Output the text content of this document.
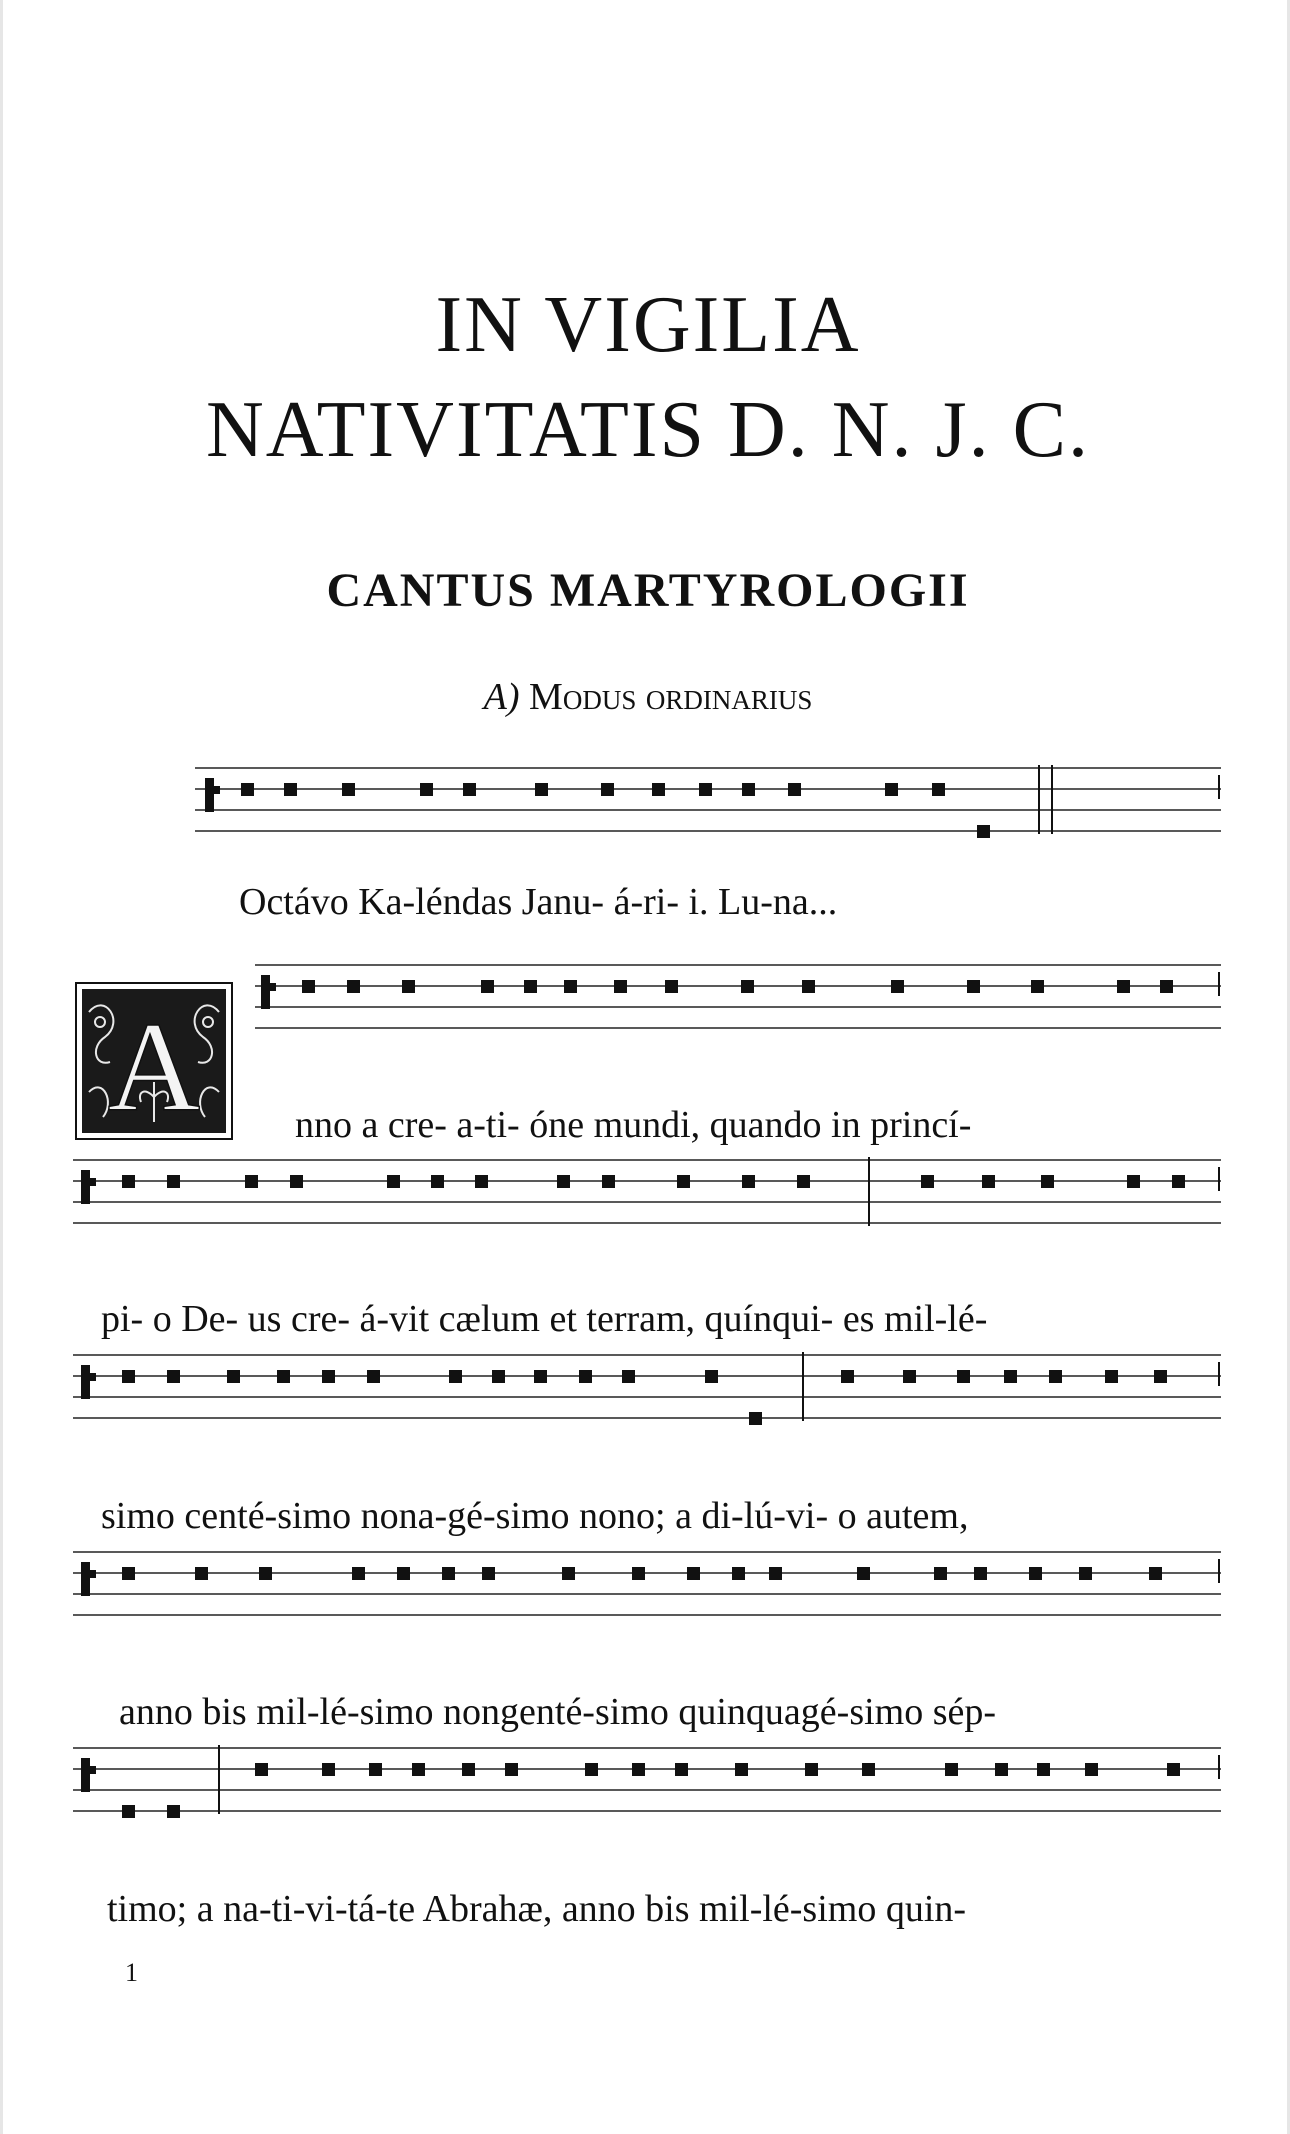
IN VIGILIA
NATIVITATIS D. N. J. C.
CANTUS MARTYROLOGII

A) Modus ordinarius

A

Octávo Ka-léndas Janu- á-ri- i. Lu-na...

nno a cre- a-ti- óne mundi, quando in princí-

pi- o De- us cre- á-vit cælum et terram, quínqui- es mil-lé-

simo centé-simo nona-gé-simo nono; a di-lú-vi- o autem,

anno bis mil-lé-simo nongenté-simo quinquagé-simo sép-

timo; a na-ti-vi-tá-te Abrahæ, anno bis mil-lé-simo quin-

1
